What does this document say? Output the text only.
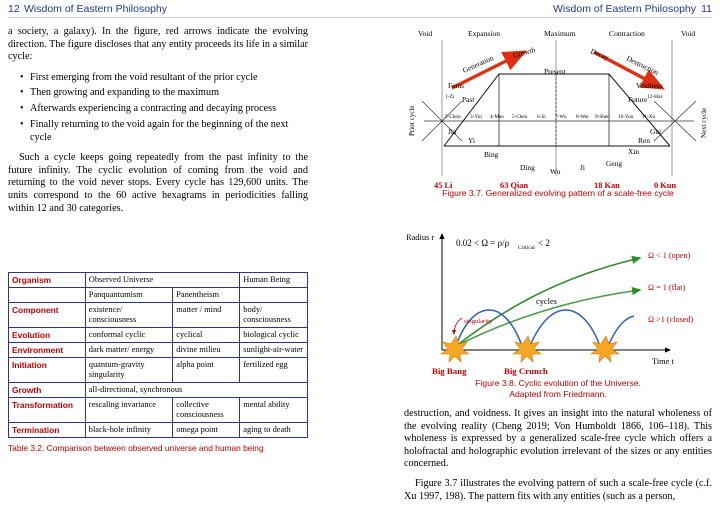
12 Wisdom of Eastern Philosophy	Wisdom of Eastern Philosophy 11

a society, a galaxy). In the figure, red arrows indicate the evolving direction. The figure discloses that any entity proceeds its life in a similar cycle:

• First emerging from the void resultant of the prior cycle
• Then growing and expanding to the maximum
• Afterwards experiencing a contracting and decaying process
• Finally returning to the void again for the beginning of the next cycle

Such a cycle keeps going repeatedly from the past infinity to the future infinity. The cyclic evolution of coming from the void and returning to the void never stops. Every cycle has 129,600 units. The units correspond to the 60 active hexagrams in periodicities falling within 12 and 30 categories.

Organism	Observed Universe		Human Being
	Panquantumism	Panentheism	
Component	existence/ consciousness	matter / mind	body/ consciousness
Evolution	conformal cyclic	cyclical	biological cyclic
Environment	dark matter/ energy	divine milieu	sunlight-air-water
Initiation	quantum-gravity singularity	alpha point	fertilized egg
Growth	all-directional, synchronous		
Transformation	rescaling invariance	collective consciousness	mental ability
Termination	black-hole infinity	omega point	aging to death
Table 3.2. Comparison between observed universe and human being
Void	Expansion	Maximum	Contraction	Void
Generation
Growth	Decay Destruction
Fetus
Present
Voidness
Past	Future
1-Zi	12-Hai
2-Chou 3-Yin 4-Mao 5-Chen 6-Si 7-Wu 8-Wei 9-Shen 10-You 11-Xu
Jia
Yi
Bing
Gui
Ren
Xin
Ding Wu	Ji	Geng
45 Li	63 Qian	18 Kan	0 Kun
Prior cycle	Next cycle
Figure 3.7. Generalized evolving pattern of a scale-free cycle
Radius r
Time t
0.02 < Ω = ρ/ρ Critical < 2
cycles
singularity
Ω < 1 (open)
Ω = 1 (flat)
Ω >1 (closed)
Big Bang	Big Crunch
Figure 3.8. Cyclic evolution of the Universe.
Adapted from Friedmann.

destruction, and voidness. It gives an insight into the natural wholeness of the evolving reality (Cheng 2019; Von Humboldt 1866, 106–118). This wholeness is expressed by a generalized scale-free cycle which offers a holofractal and holographic evolution irrelevant of the sizes or any entities concerned.

Figure 3.7 illustrates the evolving pattern of such a scale-free cycle (c.f. Xu 1997, 198). The pattern fits with any entities (such as a person,
